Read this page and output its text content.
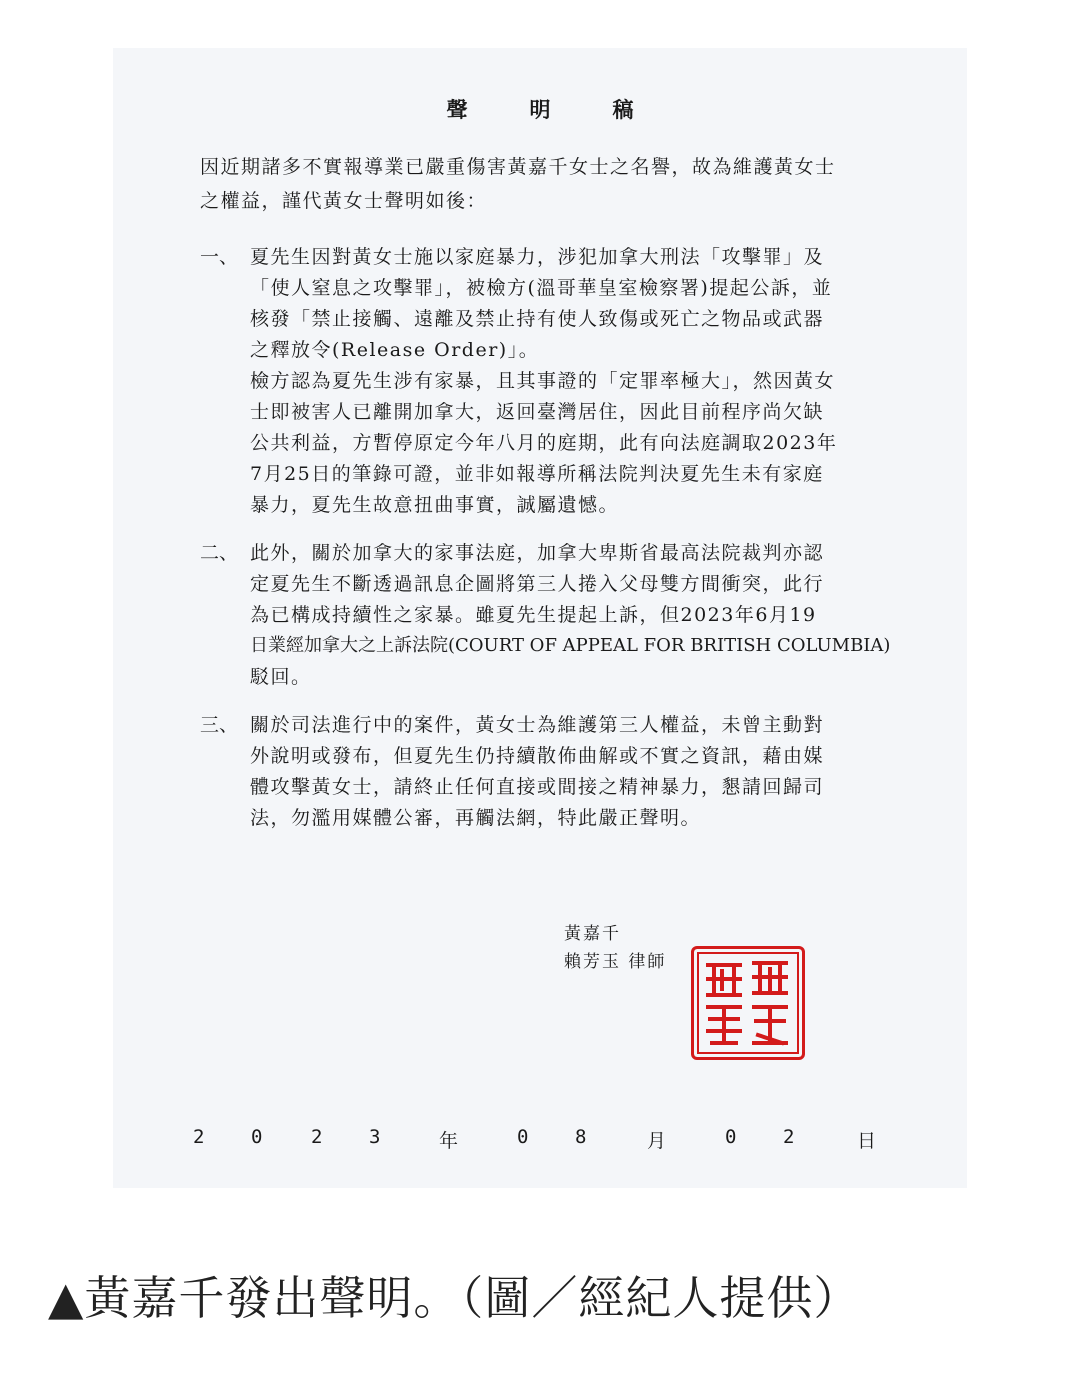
聲明稿
因近期諸多不實報導業已嚴重傷害黃嘉千女士之名譽，故為維護黃女士
之權益，謹代黃女士聲明如後：
一、 夏先生因對黃女士施以家庭暴力，涉犯加拿大刑法「攻擊罪」及
「使人窒息之攻擊罪」，被檢方(溫哥華皇室檢察署)提起公訴，並
核發「禁止接觸、遠離及禁止持有使人致傷或死亡之物品或武器
之釋放令(Release Order)」。
檢方認為夏先生涉有家暴，且其事證的「定罪率極大」，然因黃女
士即被害人已離開加拿大，返回臺灣居住，因此目前程序尚欠缺
公共利益，方暫停原定今年八月的庭期，此有向法庭調取2023年
7月25日的筆錄可證，並非如報導所稱法院判決夏先生未有家庭
暴力，夏先生故意扭曲事實，誠屬遺憾。
二、 此外，關於加拿大的家事法庭，加拿大卑斯省最高法院裁判亦認
定夏先生不斷透過訊息企圖將第三人捲入父母雙方間衝突，此行
為已構成持續性之家暴。雖夏先生提起上訴，但2023年6月19
日業經加拿大之上訴法院(COURT OF APPEAL FOR BRITISH COLUMBIA)
駁回。
三、 關於司法進行中的案件，黃女士為維護第三人權益，未曾主動對
外說明或發布，但夏先生仍持續散佈曲解或不實之資訊，藉由媒
體攻擊黃女士，請終止任何直接或間接之精神暴力，懇請回歸司
法，勿濫用媒體公審，再觸法網，特此嚴正聲明。
黃嘉千
賴芳玉 律師
2 0	2 3	年	0 8	月	0 2	日
▲黃嘉千發出聲明。（圖／經紀人提供）
